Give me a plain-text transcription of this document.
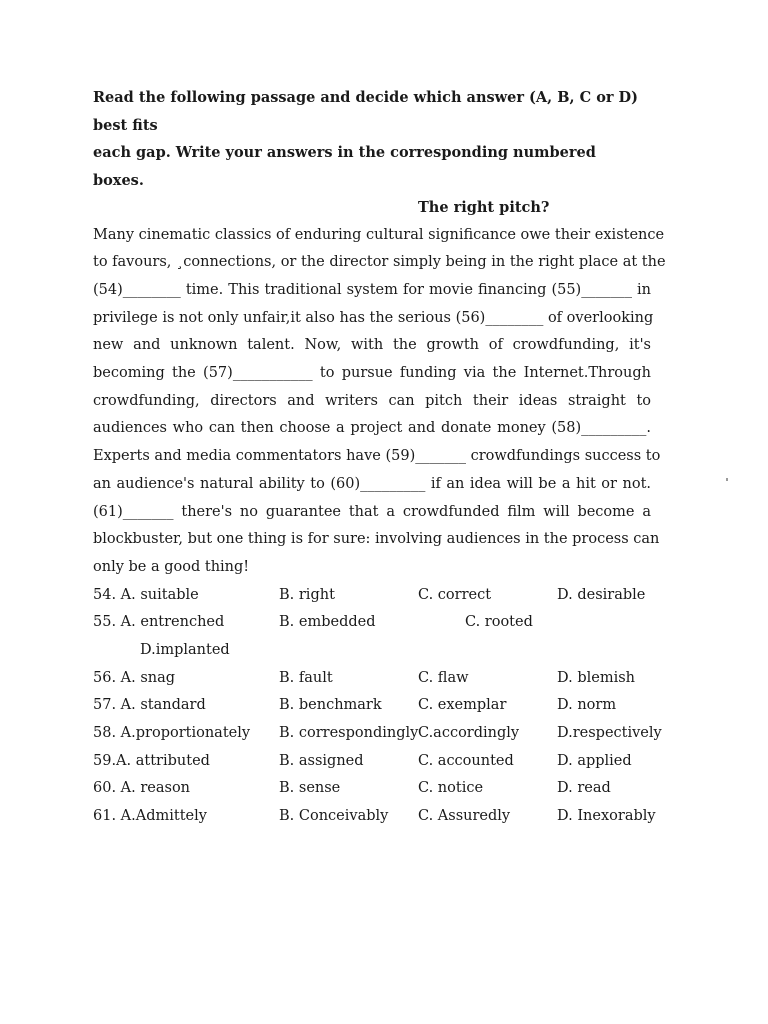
Read the following passage and decide which answer (A, B, C or D) best fits
each gap. Write your answers in the corresponding numbered boxes.

The right pitch?

Many cinematic classics of enduring cultural significance owe their existence
to favours, ¸connections, or the director simply being in the right place at the
(54)________ time. This traditional system for movie financing (55)_______ in
privilege is not only unfair,it also has the serious (56)________ of overlooking
new and unknown talent. Now, with the growth of crowdfunding, it's
becoming the (57)___________ to pursue funding via the Internet.Through
crowdfunding, directors and writers can pitch their ideas straight to
audiences who can then choose a project and donate money (58)_________.
Experts and media commentators have (59)_______ crowdfundings success to
an audience's natural ability to (60)_________ if an idea will be a hit or not.
(61)_______ there's no guarantee that a crowdfunded film will become a
blockbuster, but one thing is for sure: involving audiences in the process can
only be a good thing!
54. A. suitable	B. right	C. correct	D. desirable
55. A. entrenched	B. embedded	C. rooted
D.implanted
56. A. snag	B. fault	C. flaw	D. blemish
57. A. standard	B. benchmark	C. exemplar	D. norm
58. A.proportionately B. correspondingly C.accordingly	D.respectively
59.A. attributed	B. assigned	C. accounted	D. applied
60. A. reason	B. sense	C. notice	D. read
61. A.Admittely	B. Conceivably C. Assuredly	D. Inexorably
